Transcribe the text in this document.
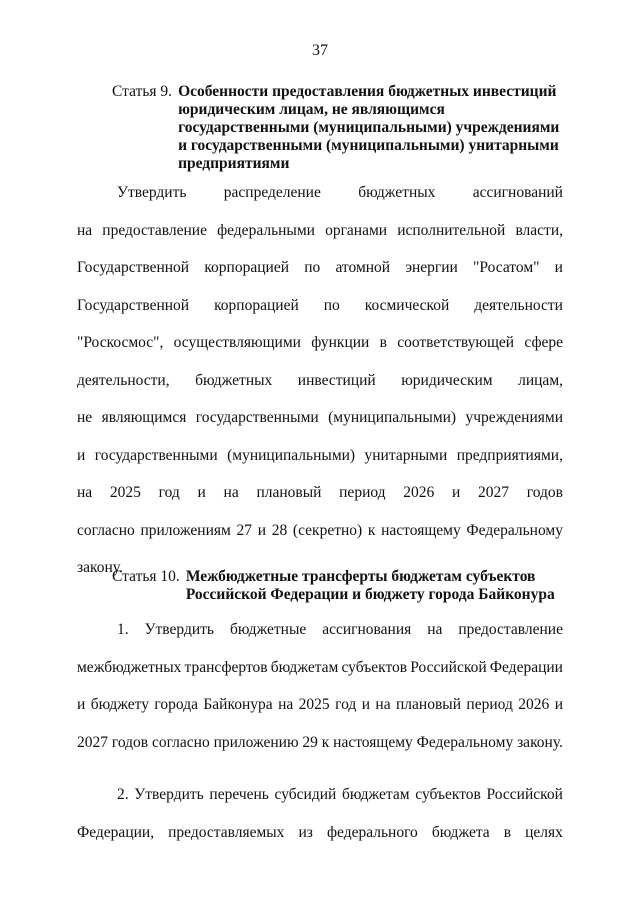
37
Статья 9. Особенности предоставления бюджетных инвестиций
юридическим лицам, не являющимся
государственными (муниципальными) учреждениями
и государственными (муниципальными) унитарными
предприятиями
Утвердить распределение бюджетных ассигнований
на предоставление федеральными органами исполнительной власти,
Государственной корпорацией по атомной энергии "Росатом" и
Государственной корпорацией по космической деятельности
"Роскосмос", осуществляющими функции в соответствующей сфере
деятельности, бюджетных инвестиций юридическим лицам,
не являющимся государственными (муниципальными) учреждениями
и государственными (муниципальными) унитарными предприятиями,
на 2025 год и на плановый период 2026 и 2027 годов
согласно приложениям 27 и 28 (секретно) к настоящему Федеральному
закону.
Статья 10. Межбюджетные трансферты бюджетам субъектов
Российской Федерации и бюджету города Байконура
1. Утвердить бюджетные ассигнования на предоставление
межбюджетных трансфертов бюджетам субъектов Российской Федерации
и бюджету города Байконура на 2025 год и на плановый период 2026 и
2027 годов согласно приложению 29 к настоящему Федеральному закону.
2. Утвердить перечень субсидий бюджетам субъектов Российской
Федерации, предоставляемых из федерального бюджета в целях
